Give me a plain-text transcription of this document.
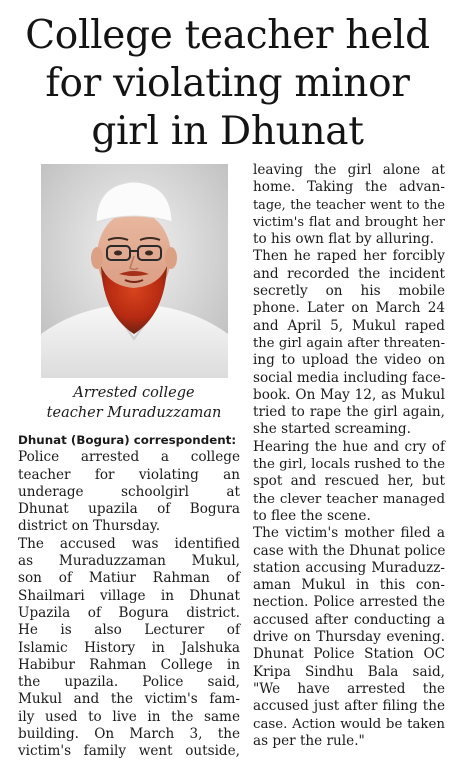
College teacher held
for violating minor
girl in Dhunat
Arrested college
teacher Muraduzzaman
Dhunat (Bogura) correspondent:
Police arrested a college
teacher for violating an
underage schoolgirl at
Dhunat upazila of Bogura
district on Thursday.
The accused was identified
as Muraduzzaman Mukul,
son of Matiur Rahman of
Shailmari village in Dhunat
Upazila of Bogura district.
He is also Lecturer of
Islamic History in Jalshuka
Habibur Rahman College in
the upazila. Police said,
Mukul and the victim's fam-
ily used to live in the same
building. On March 3, the
victim's family went outside,
leaving the girl alone at
home. Taking the advan-
tage, the teacher went to the
victim's flat and brought her
to his own flat by alluring.
Then he raped her forcibly
and recorded the incident
secretly on his mobile
phone. Later on March 24
and April 5, Mukul raped
the girl again after threaten-
ing to upload the video on
social media including face-
book. On May 12, as Mukul
tried to rape the girl again,
she started screaming.
Hearing the hue and cry of
the girl, locals rushed to the
spot and rescued her, but
the clever teacher managed
to flee the scene.
The victim's mother filed a
case with the Dhunat police
station accusing Muraduzz-
aman Mukul in this con-
nection. Police arrested the
accused after conducting a
drive on Thursday evening.
Dhunat Police Station OC
Kripa Sindhu Bala said,
"We have arrested the
accused just after filing the
case. Action would be taken
as per the rule."
